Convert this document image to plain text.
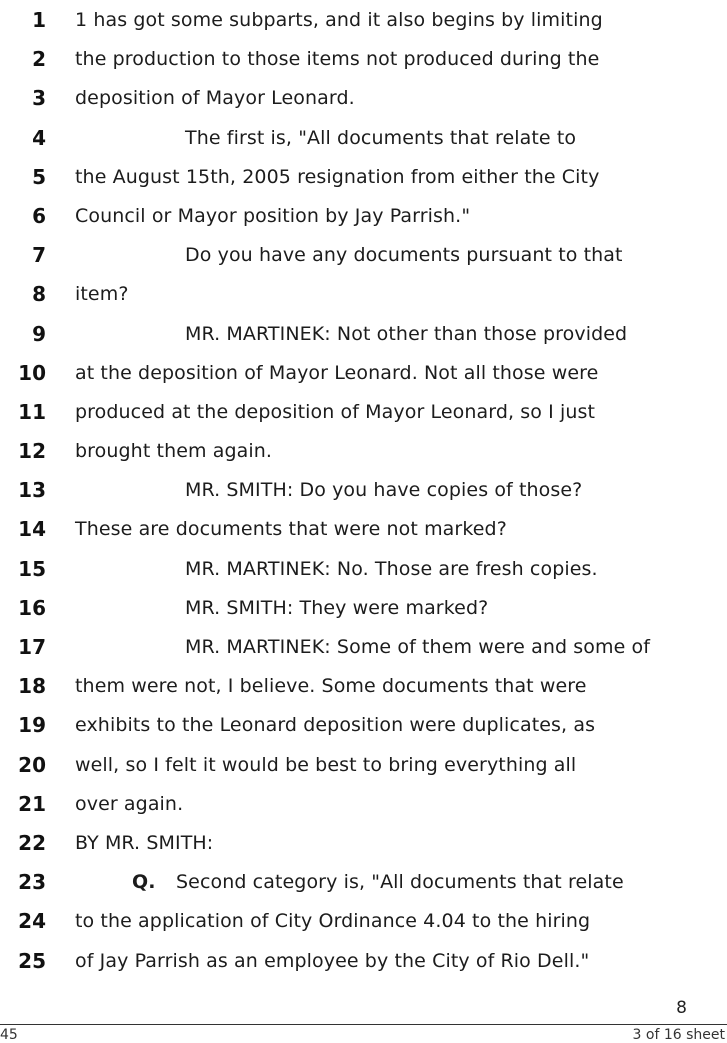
1 1 has got some subparts, and it also begins by limiting
2 the production to those items not produced during the
3 deposition of Mayor Leonard.
4	The first is, "All documents that relate to
5 the August 15th, 2005 resignation from either the City
6 Council or Mayor position by Jay Parrish."
7	Do you have any documents pursuant to that
8 item?
9	MR. MARTINEK: Not other than those provided
10 at the deposition of Mayor Leonard. Not all those were
11 produced at the deposition of Mayor Leonard, so I just
12 brought them again.
13	MR. SMITH: Do you have copies of those?
14 These are documents that were not marked?
15	MR. MARTINEK: No. Those are fresh copies.
16	MR. SMITH: They were marked?
17	MR. MARTINEK: Some of them were and some of
18 them were not, I believe. Some documents that were
19 exhibits to the Leonard deposition were duplicates, as
20 well, so I felt it would be best to bring everything all
21 over again.
22 BY MR. SMITH:
23	Q. Second category is, "All documents that relate
24 to the application of City Ordinance 4.04 to the hiring
25 of Jay Parrish as an employee by the City of Rio Dell."
8
45	3 of 16 sheet
